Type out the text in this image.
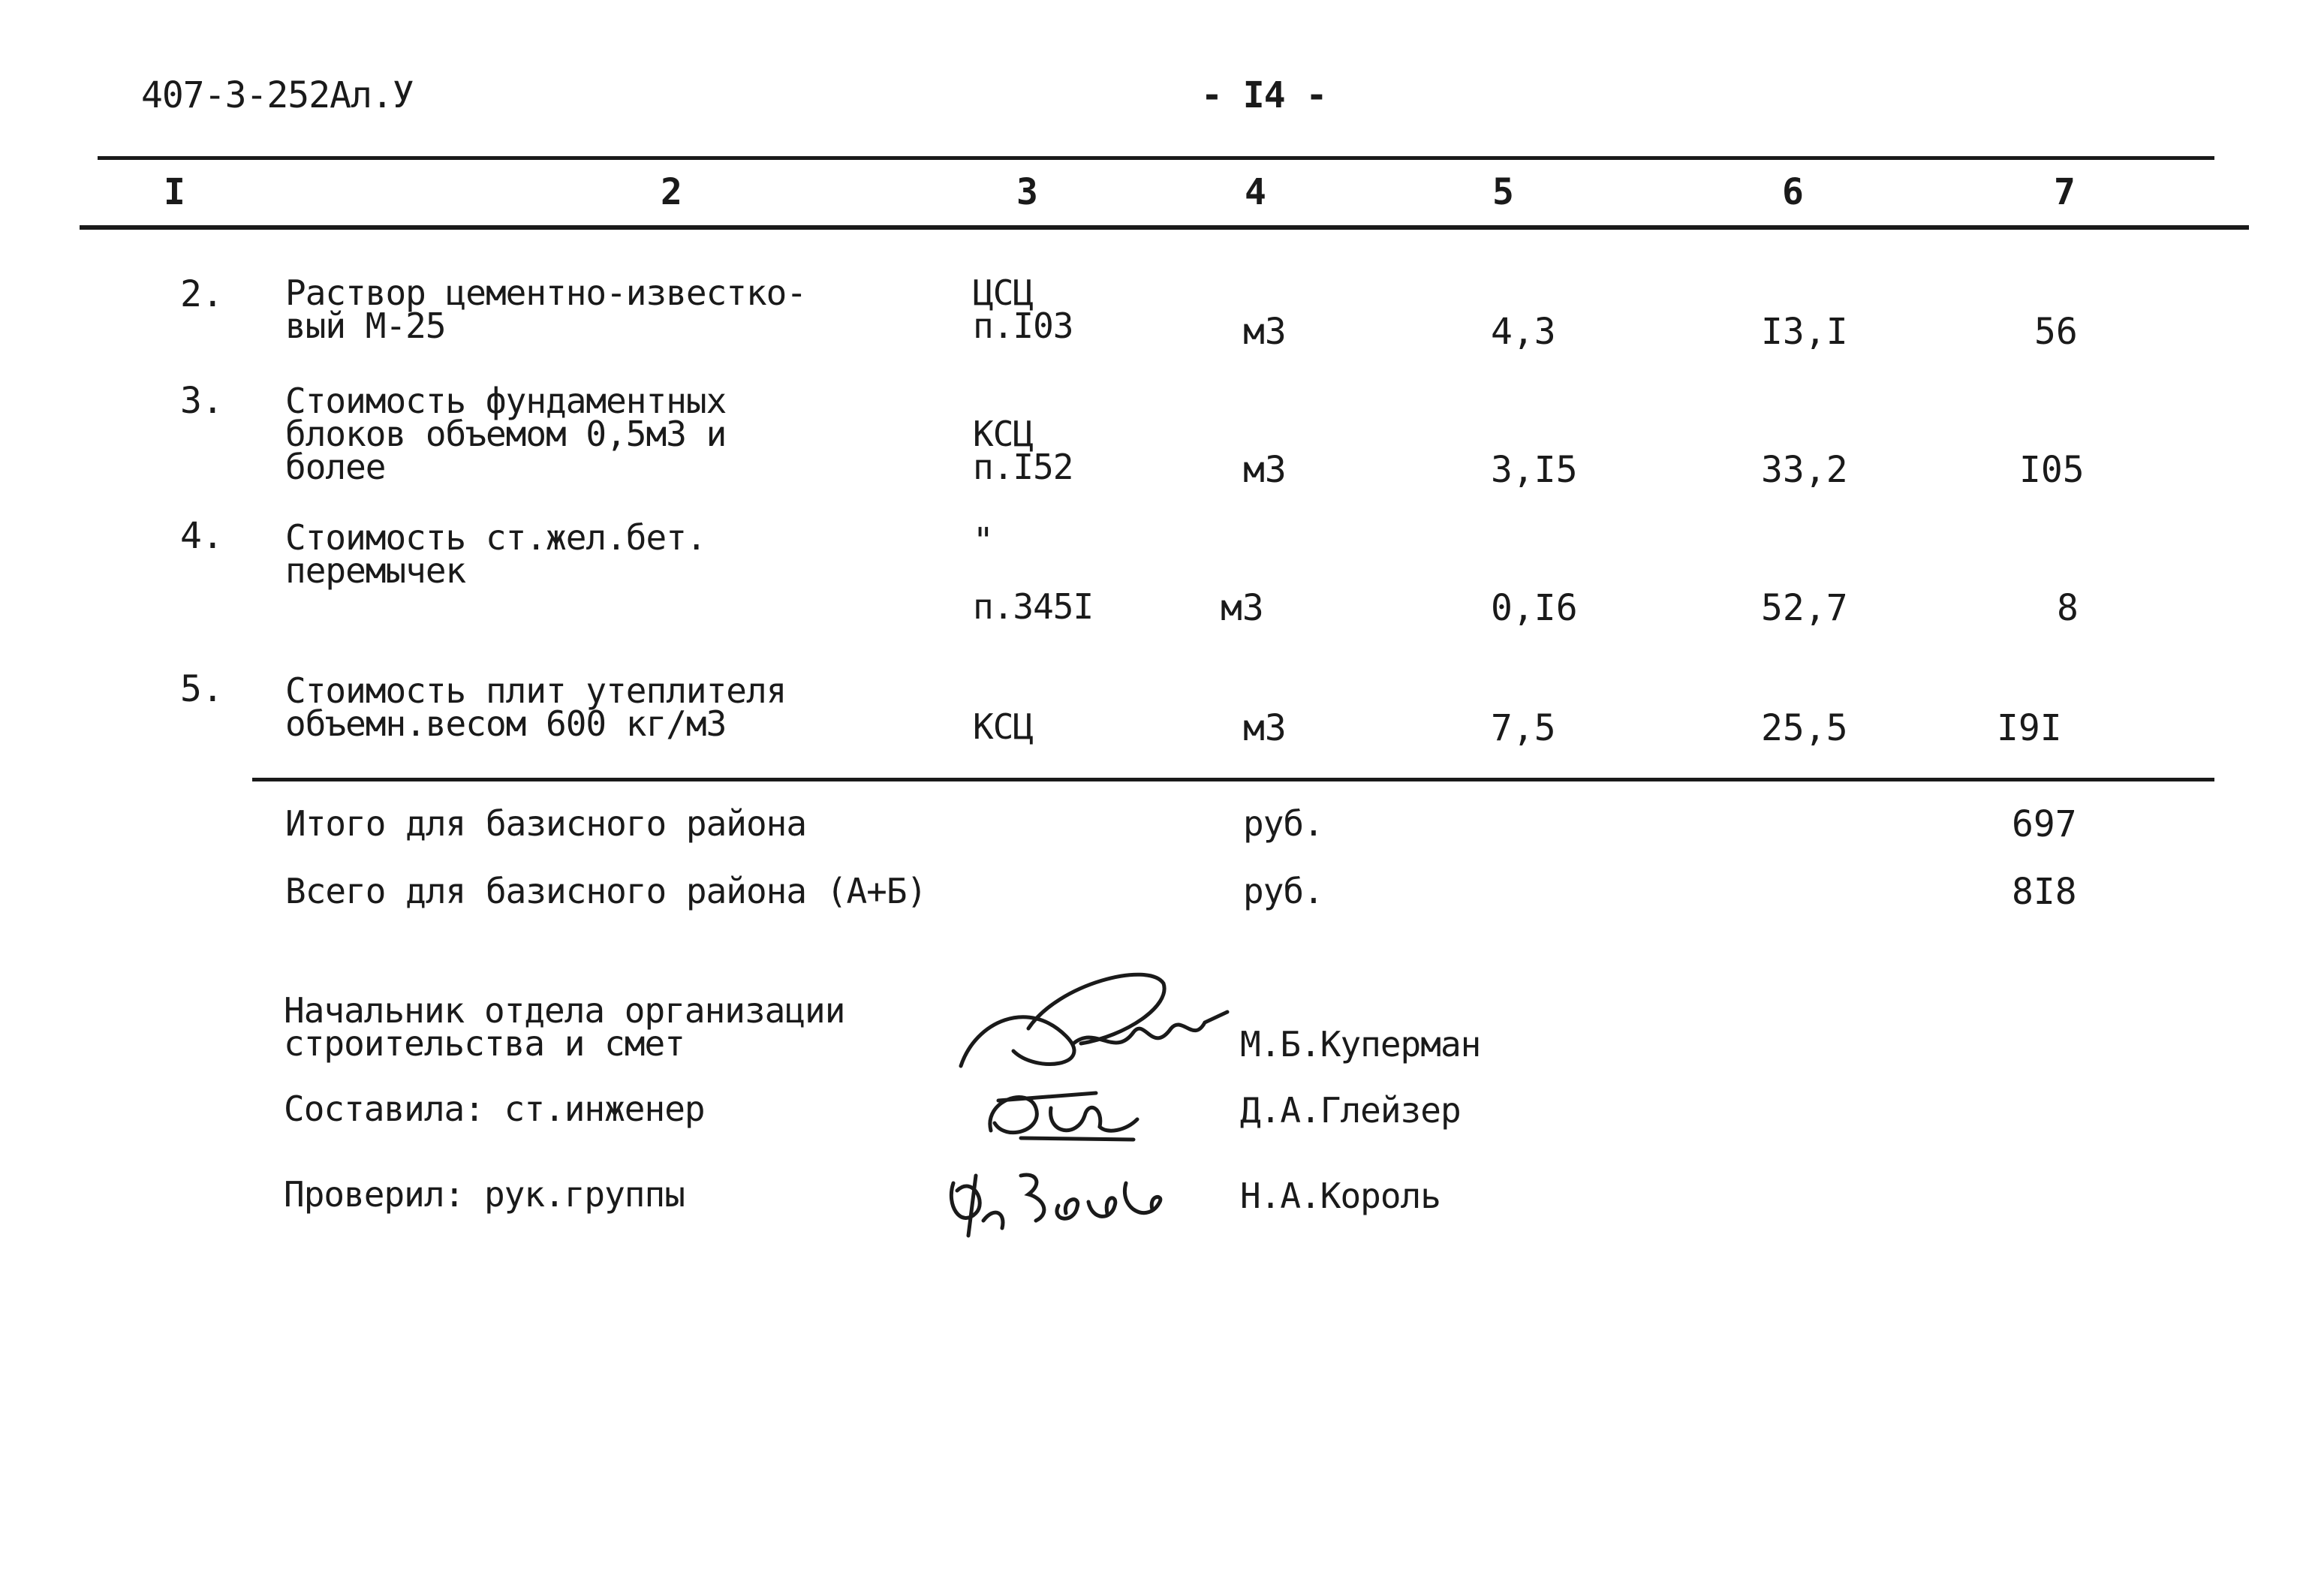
407-3-252Ал.У	- I4 -
I	2	3	4	5	6	7
2. Раствор цементно-известко-
вый М-25
ЦСЦ
п.I03	м3	4,3	I3,I	56
3. Стоимость фундаментных
блоков объемом 0,5м3 и
более
КСЦ
п.I52	м3	3,I5	33,2	I05
4. Стоимость ст.жел.бет.
перемычек
"

п.345I	м3	0,I6	52,7	8
5. Стоимость плит утеплителя
объемн.весом 600 кг/м3	КСЦ	м3	7,5	25,5	I9I
Итого для базисного района	руб.	697
Всего для базисного района (А+Б)	руб.	8I8
Начальник отдела организации
строительства и смет	М.Б.Куперман
Составила: ст.инженер	Д.А.Глейзер
Проверил: рук.группы	Н.А.Король
